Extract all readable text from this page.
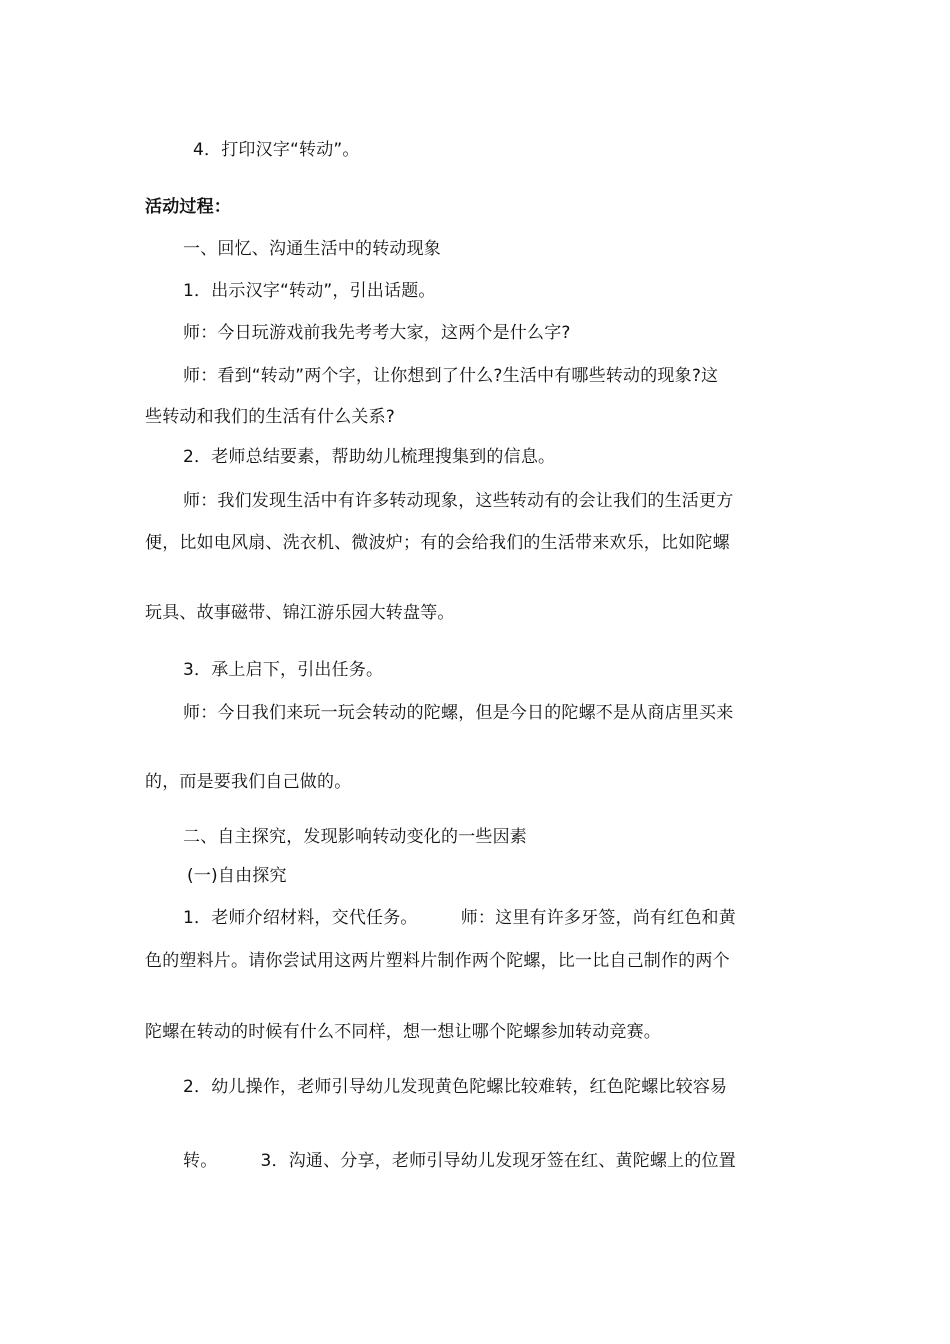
4．打印汉字“转动”。
活动过程：
一、回忆、沟通生活中的转动现象
1．出示汉字“转动”，引出话题。
师：今日玩游戏前我先考考大家，这两个是什么字?
师：看到“转动”两个字，让你想到了什么?生活中有哪些转动的现象?这
些转动和我们的生活有什么关系?
2．老师总结要素，帮助幼儿梳理搜集到的信息。
师：我们发现生活中有许多转动现象，这些转动有的会让我们的生活更方
便，比如电风扇、洗衣机、微波炉；有的会给我们的生活带来欢乐，比如陀螺
玩具、故事磁带、锦江游乐园大转盘等。
3．承上启下，引出任务。
师：今日我们来玩一玩会转动的陀螺，但是今日的陀螺不是从商店里买来
的，而是要我们自己做的。
二、自主探究，发现影响转动变化的一些因素
(一)自由探究
1．老师介绍材料，交代任务。　　　师：这里有许多牙签，尚有红色和黄
色的塑料片。请你尝试用这两片塑料片制作两个陀螺，比一比自己制作的两个
陀螺在转动的时候有什么不同样，想一想让哪个陀螺参加转动竞赛。
2．幼儿操作，老师引导幼儿发现黄色陀螺比较难转，红色陀螺比较容易
转。　　　3．沟通、分享，老师引导幼儿发现牙签在红、黄陀螺上的位置
